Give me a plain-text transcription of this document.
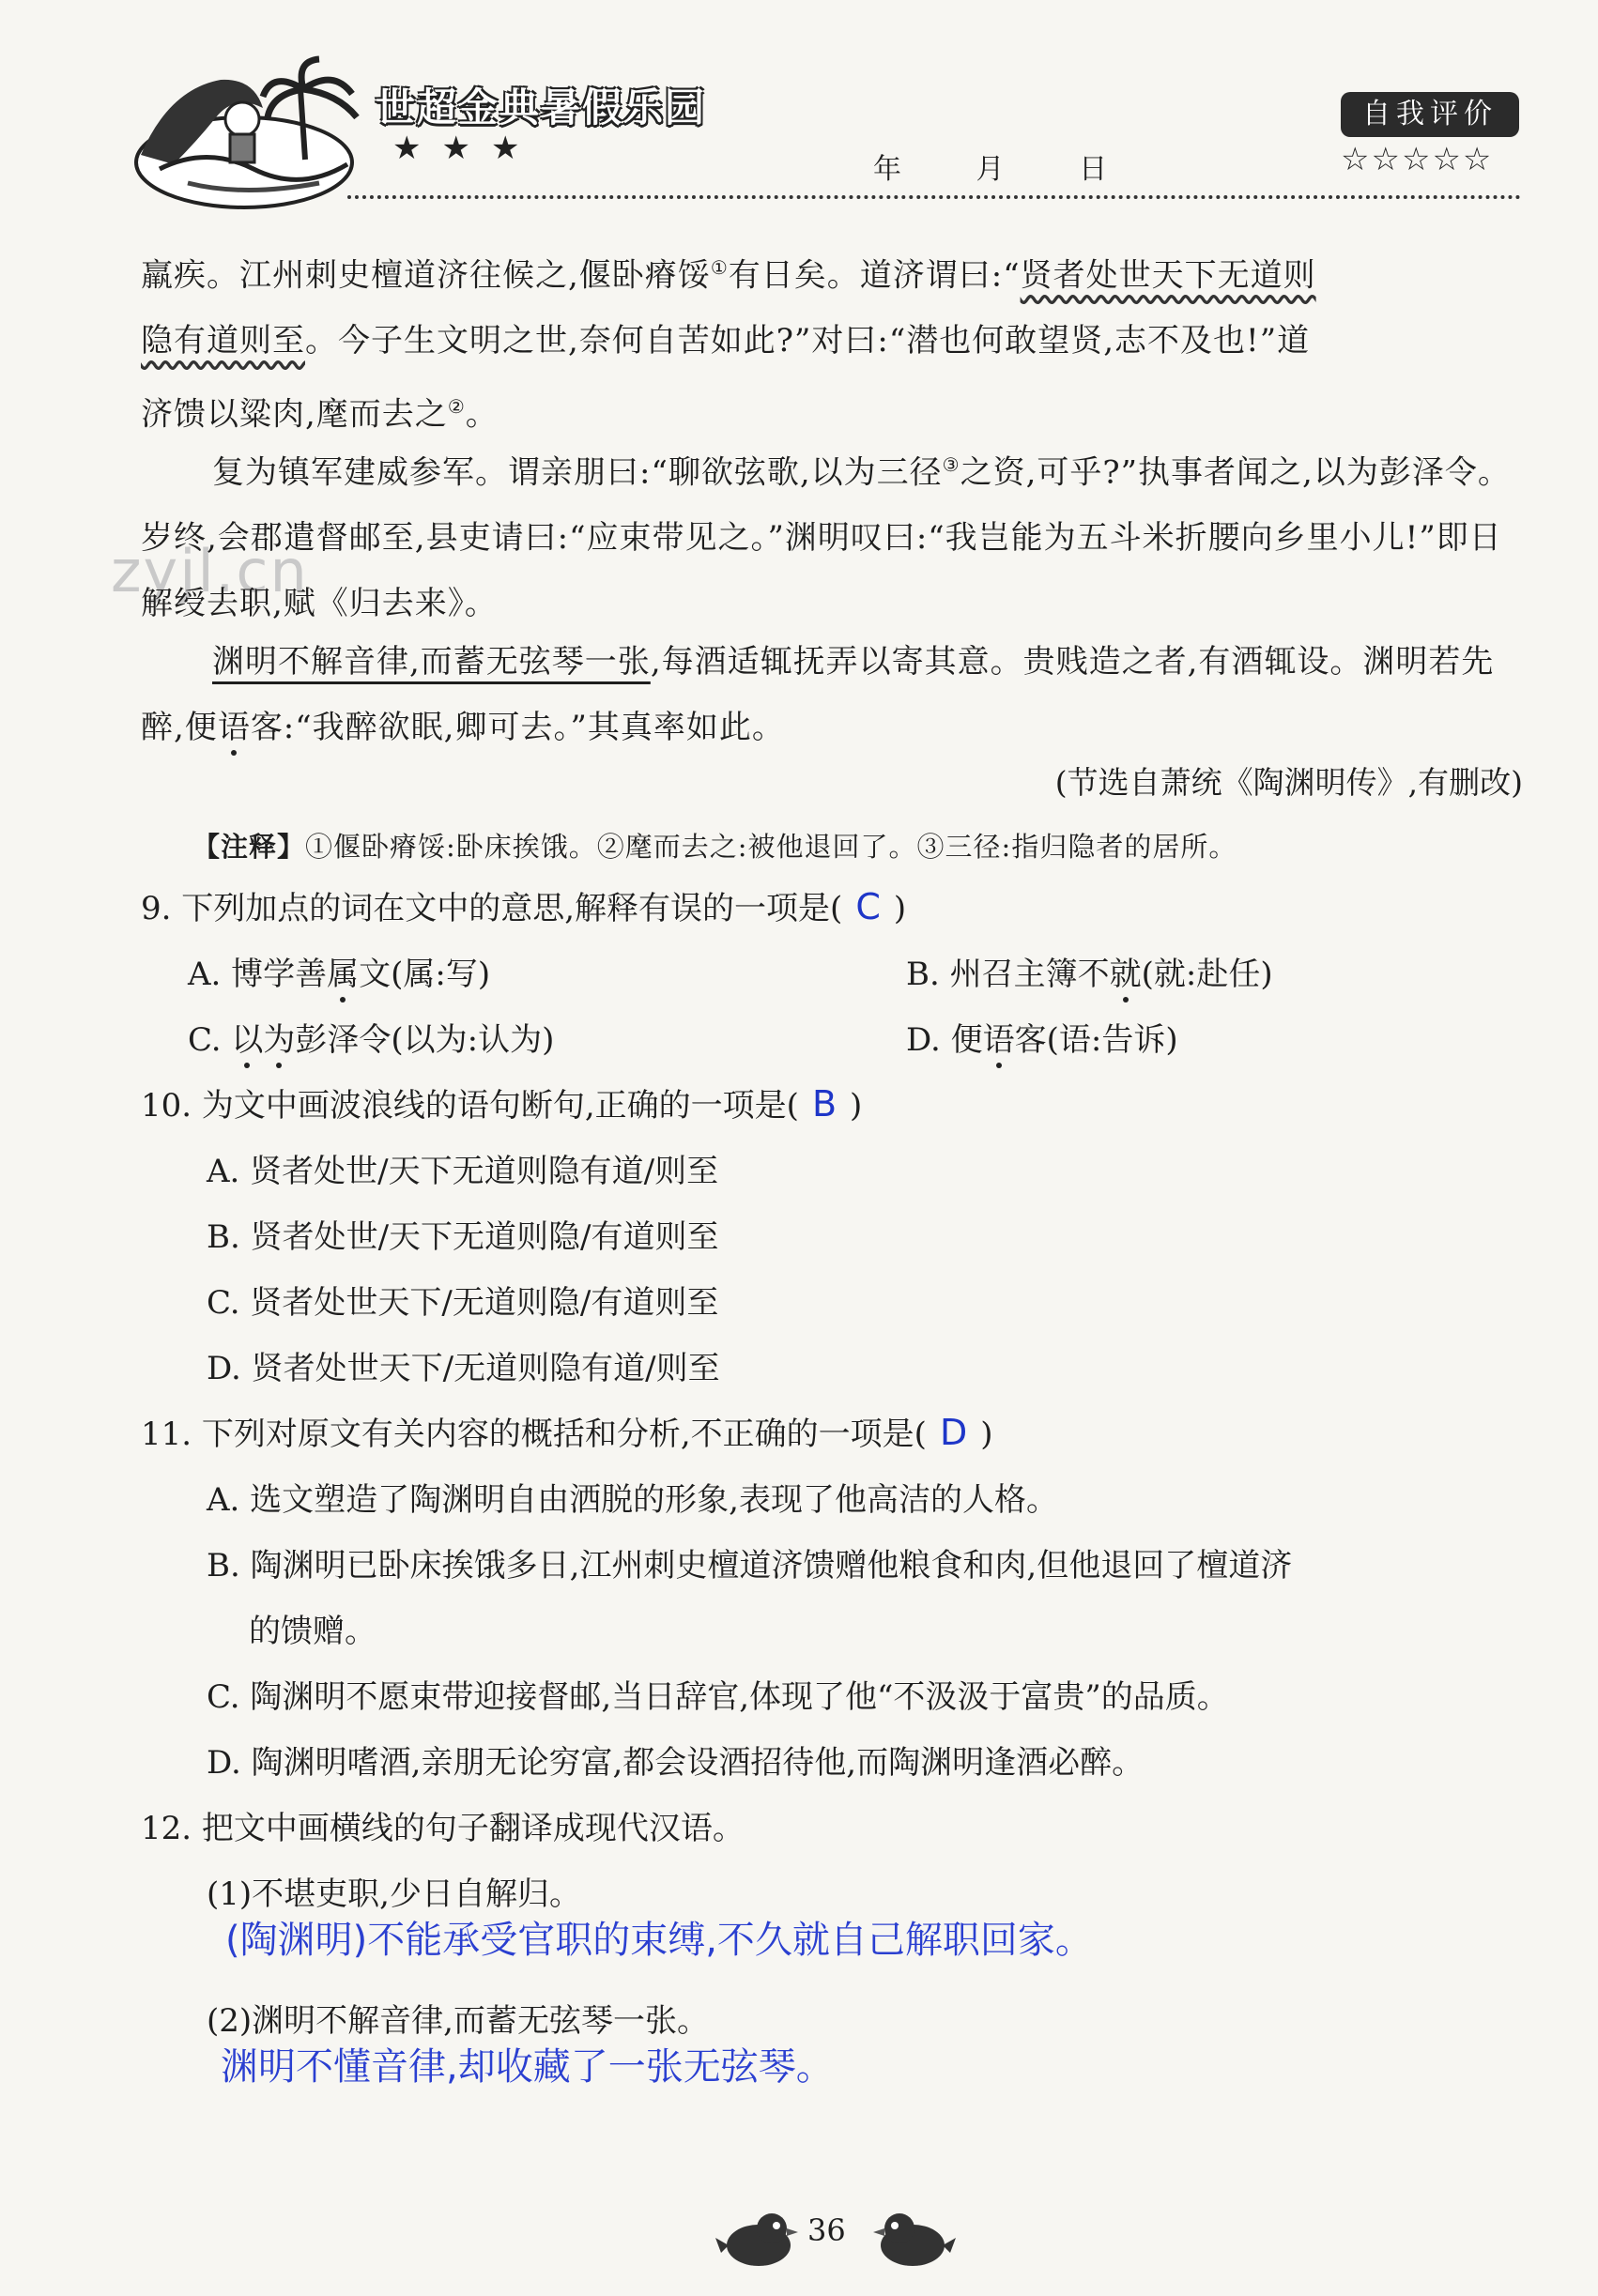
世超金典暑假乐园
★★★
年 月 日
自我评价
☆☆☆☆☆
zyjl.cn
羸疾。江州刺史檀道济往候之,偃卧瘠馁①有日矣。道济谓曰:“贤者处世天下无道则
隐有道则至。今子生文明之世,奈何自苦如此?”对曰:“潜也何敢望贤,志不及也!”道
济馈以粱肉,麾而去之②。
复为镇军建威参军。谓亲朋曰:“聊欲弦歌,以为三径③之资,可乎?”执事者闻之,以为彭泽令。岁终,会郡遣督邮至,县吏请曰:“应束带见之。”渊明叹曰:“我岂能为五斗米折腰向乡里小儿!”即日解绶去职,赋《归去来》。
渊明不解音律,而蓄无弦琴一张,每酒适辄抚弄以寄其意。贵贱造之者,有酒辄设。渊明若先醉,便语客:“我醉欲眠,卿可去。”其真率如此。
(节选自萧统《陶渊明传》,有删改)
【注释】①偃卧瘠馁:卧床挨饿。②麾而去之:被他退回了。③三径:指归隐者的居所。
9. 下列加点的词在文中的意思,解释有误的一项是( C )
A. 博学善属文(属:写)	B. 州召主簿不就(就:赴任)
C. 以为彭泽令(以为:认为)	D. 便语客(语:告诉)
10. 为文中画波浪线的语句断句,正确的一项是( B )
A. 贤者处世/天下无道则隐有道/则至
B. 贤者处世/天下无道则隐/有道则至
C. 贤者处世天下/无道则隐/有道则至
D. 贤者处世天下/无道则隐有道/则至
11. 下列对原文有关内容的概括和分析,不正确的一项是( D )
A. 选文塑造了陶渊明自由洒脱的形象,表现了他高洁的人格。
B. 陶渊明已卧床挨饿多日,江州刺史檀道济馈赠他粮食和肉,但他退回了檀道济
的馈赠。
C. 陶渊明不愿束带迎接督邮,当日辞官,体现了他“不汲汲于富贵”的品质。
D. 陶渊明嗜酒,亲朋无论穷富,都会设酒招待他,而陶渊明逢酒必醉。
12. 把文中画横线的句子翻译成现代汉语。
(1)不堪吏职,少日自解归。
(陶渊明)不能承受官职的束缚,不久就自己解职回家。
(2)渊明不解音律,而蓄无弦琴一张。
渊明不懂音律,却收藏了一张无弦琴。
36
